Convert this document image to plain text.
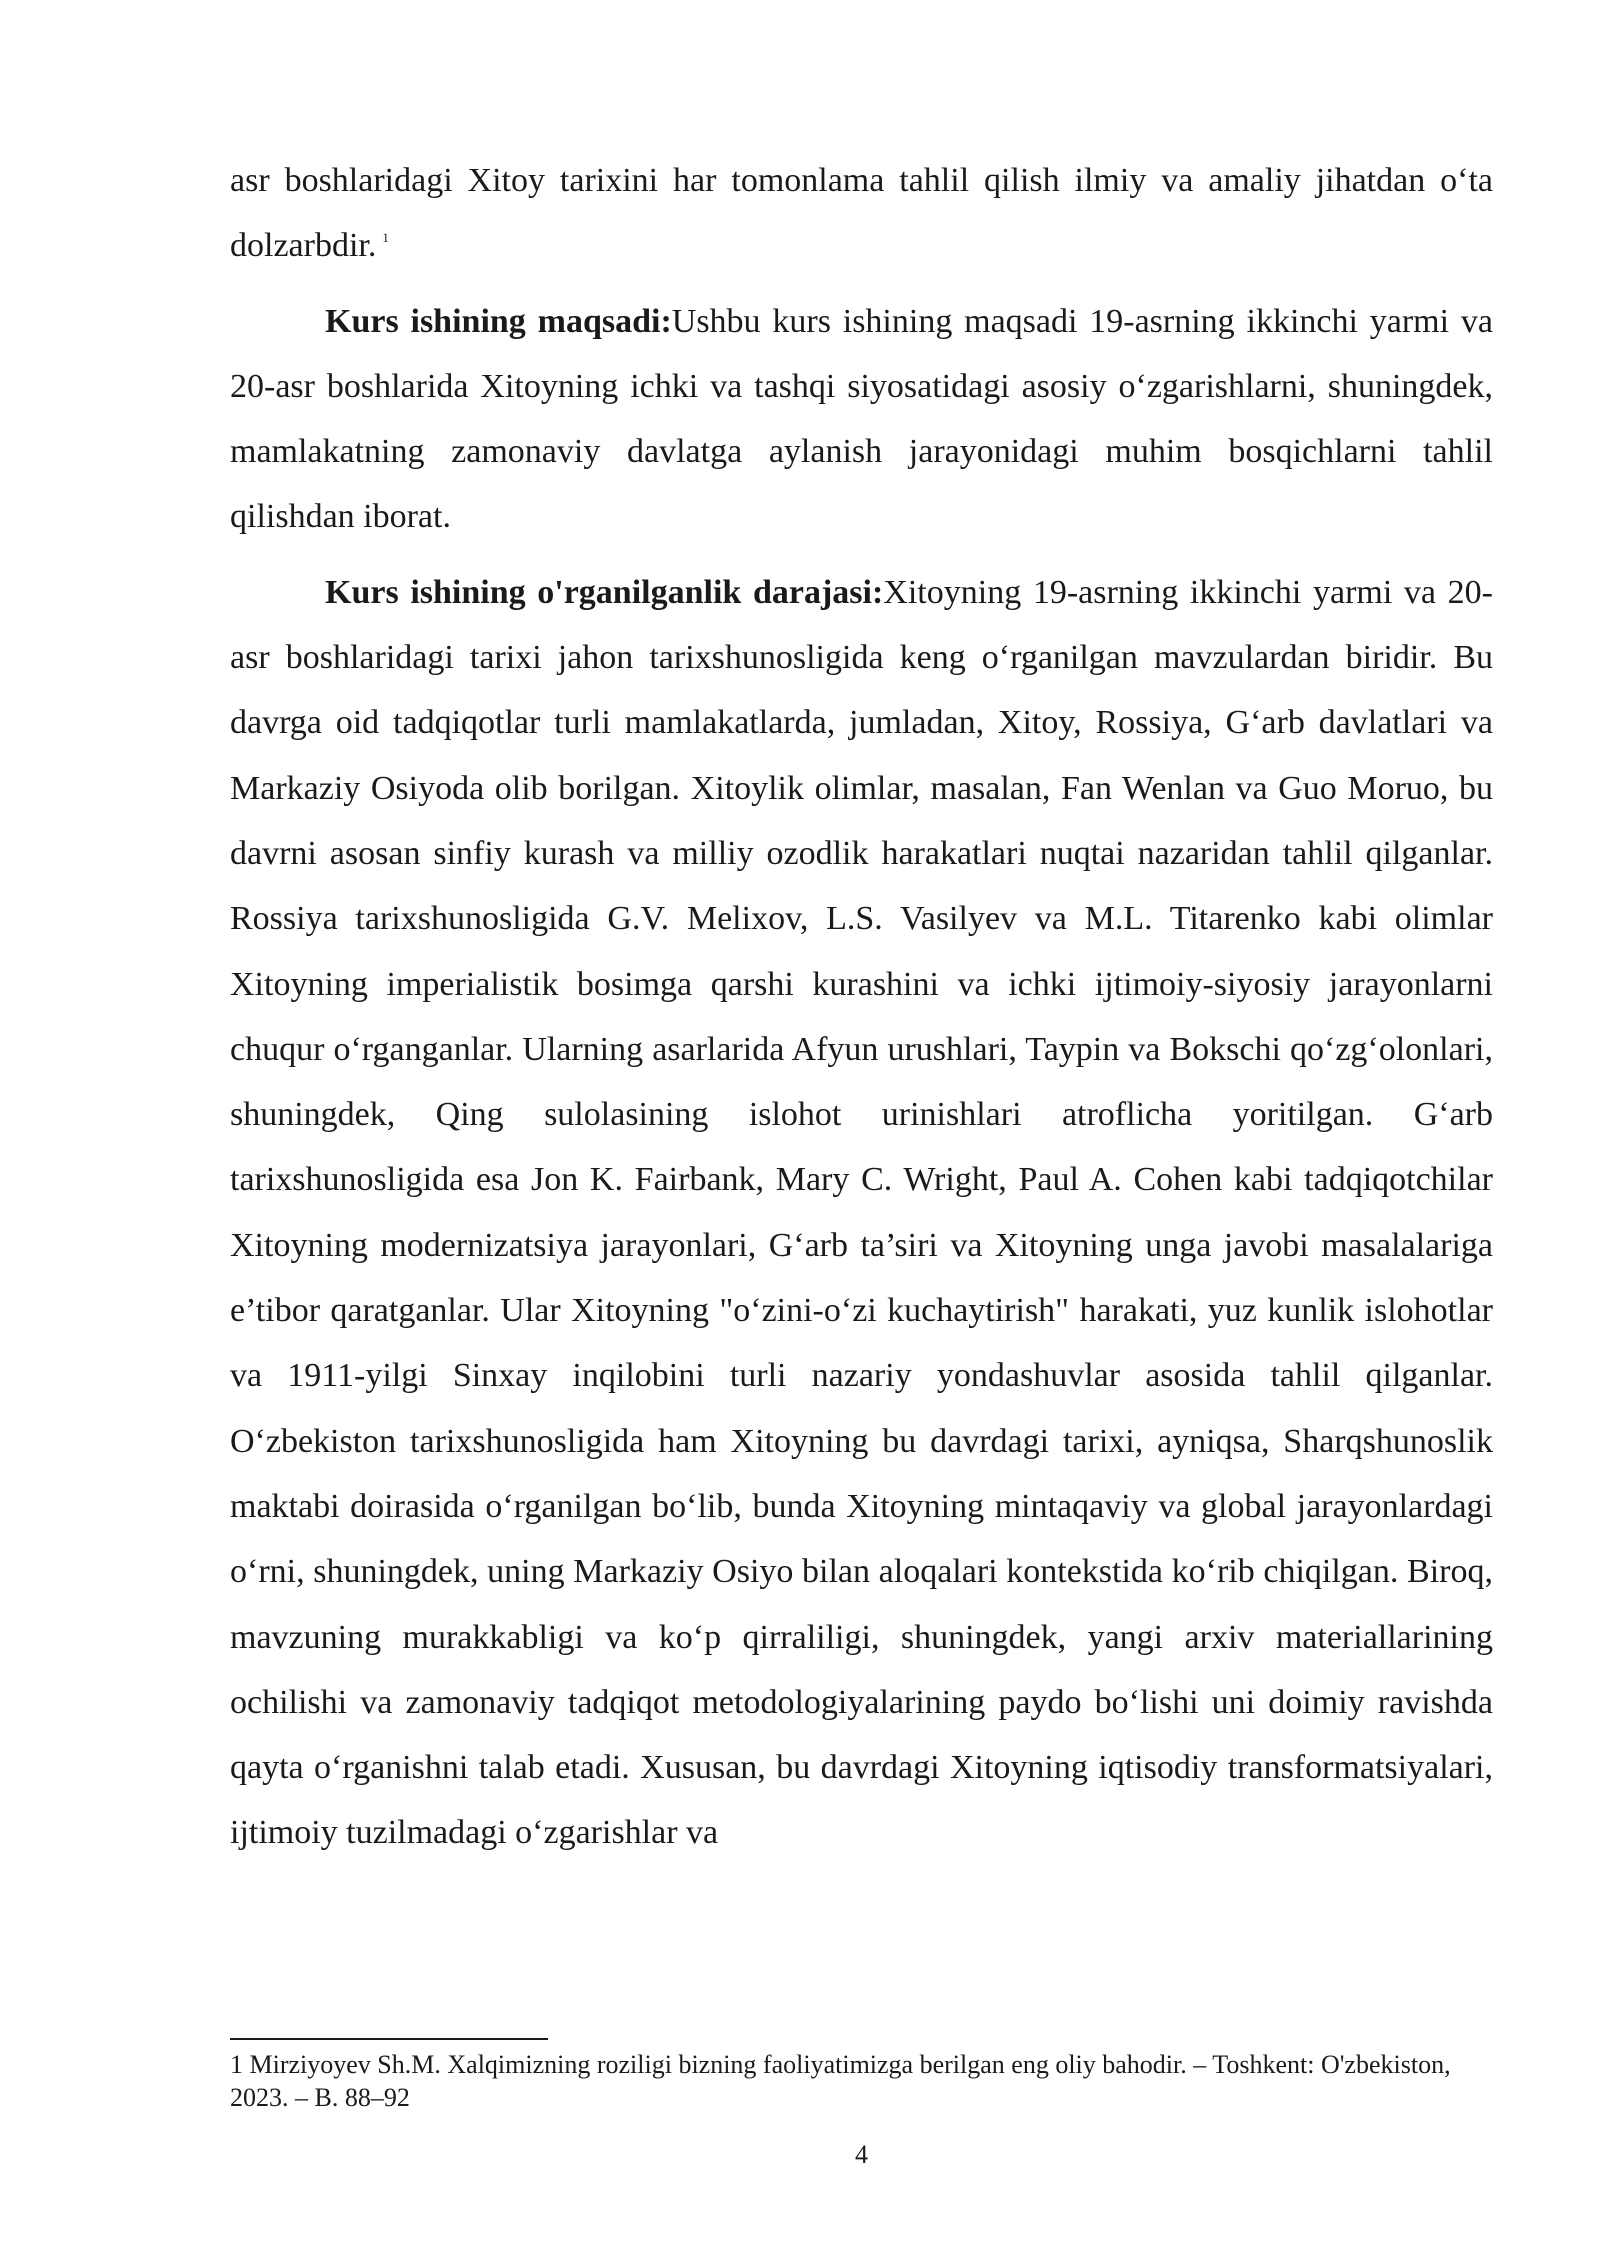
asr boshlaridagi Xitoy tarixini har tomonlama tahlil qilish ilmiy va amaliy jihatdan oʻta dolzarbdir. $^1$

Kurs ishining maqsadi:Ushbu kurs ishining maqsadi 19-asrning ikkinchi yarmi va 20-asr boshlarida Xitoyning ichki va tashqi siyosatidagi asosiy oʻzgarishlarni, shuningdek, mamlakatning zamonaviy davlatga aylanish jarayonidagi muhim bosqichlarni tahlil qilishdan iborat.

Kurs ishining o'rganilganlik darajasi:Xitoyning 19-asrning ikkinchi yarmi va 20-asr boshlaridagi tarixi jahon tarixshunosligida keng oʻrganilgan mavzulardan biridir. Bu davrga oid tadqiqotlar turli mamlakatlarda, jumladan, Xitoy, Rossiya, Gʻarb davlatlari va Markaziy Osiyoda olib borilgan. Xitoylik olimlar, masalan, Fan Wenlan va Guo Moruo, bu davrni asosan sinfiy kurash va milliy ozodlik harakatlari nuqtai nazaridan tahlil qilganlar. Rossiya tarixshunosligida G.V. Melixov, L.S. Vasilyev va M.L. Titarenko kabi olimlar Xitoyning imperialistik bosimga qarshi kurashini va ichki ijtimoiy-siyosiy jarayonlarni chuqur oʻrganganlar. Ularning asarlarida Afyun urushlari, Taypin va Bokschi qoʻzgʻolonlari, shuningdek, Qing sulolasining islohot urinishlari atroflicha yoritilgan. Gʻarb tarixshunosligida esa Jon K. Fairbank, Mary C. Wright, Paul A. Cohen kabi tadqiqotchilar Xitoyning modernizatsiya jarayonlari, Gʻarb ta’siri va Xitoyning unga javobi masalalariga e’tibor qaratganlar. Ular Xitoyning "oʻzini-oʻzi kuchaytirish" harakati, yuz kunlik islohotlar va 1911-yilgi Sinxay inqilobini turli nazariy yondashuvlar asosida tahlil qilganlar. Oʻzbekiston tarixshunosligida ham Xitoyning bu davrdagi tarixi, ayniqsa, Sharqshunoslik maktabi doirasida oʻrganilgan boʻlib, bunda Xitoyning mintaqaviy va global jarayonlardagi oʻrni, shuningdek, uning Markaziy Osiyo bilan aloqalari kontekstida koʻrib chiqilgan. Biroq, mavzuning murakkabligi va koʻp qirraliligi, shuningdek, yangi arxiv materiallarining ochilishi va zamonaviy tadqiqot metodologiyalarining paydo boʻlishi uni doimiy ravishda qayta oʻrganishni talab etadi. Xususan, bu davrdagi Xitoyning iqtisodiy transformatsiyalari, ijtimoiy tuzilmadagi oʻzgarishlar va

1 Mirziyoyev Sh.M. Xalqimizning roziligi bizning faoliyatimizga berilgan eng oliy bahodir. – Toshkent: O'zbekiston, 2023. – B. 88–92

4
